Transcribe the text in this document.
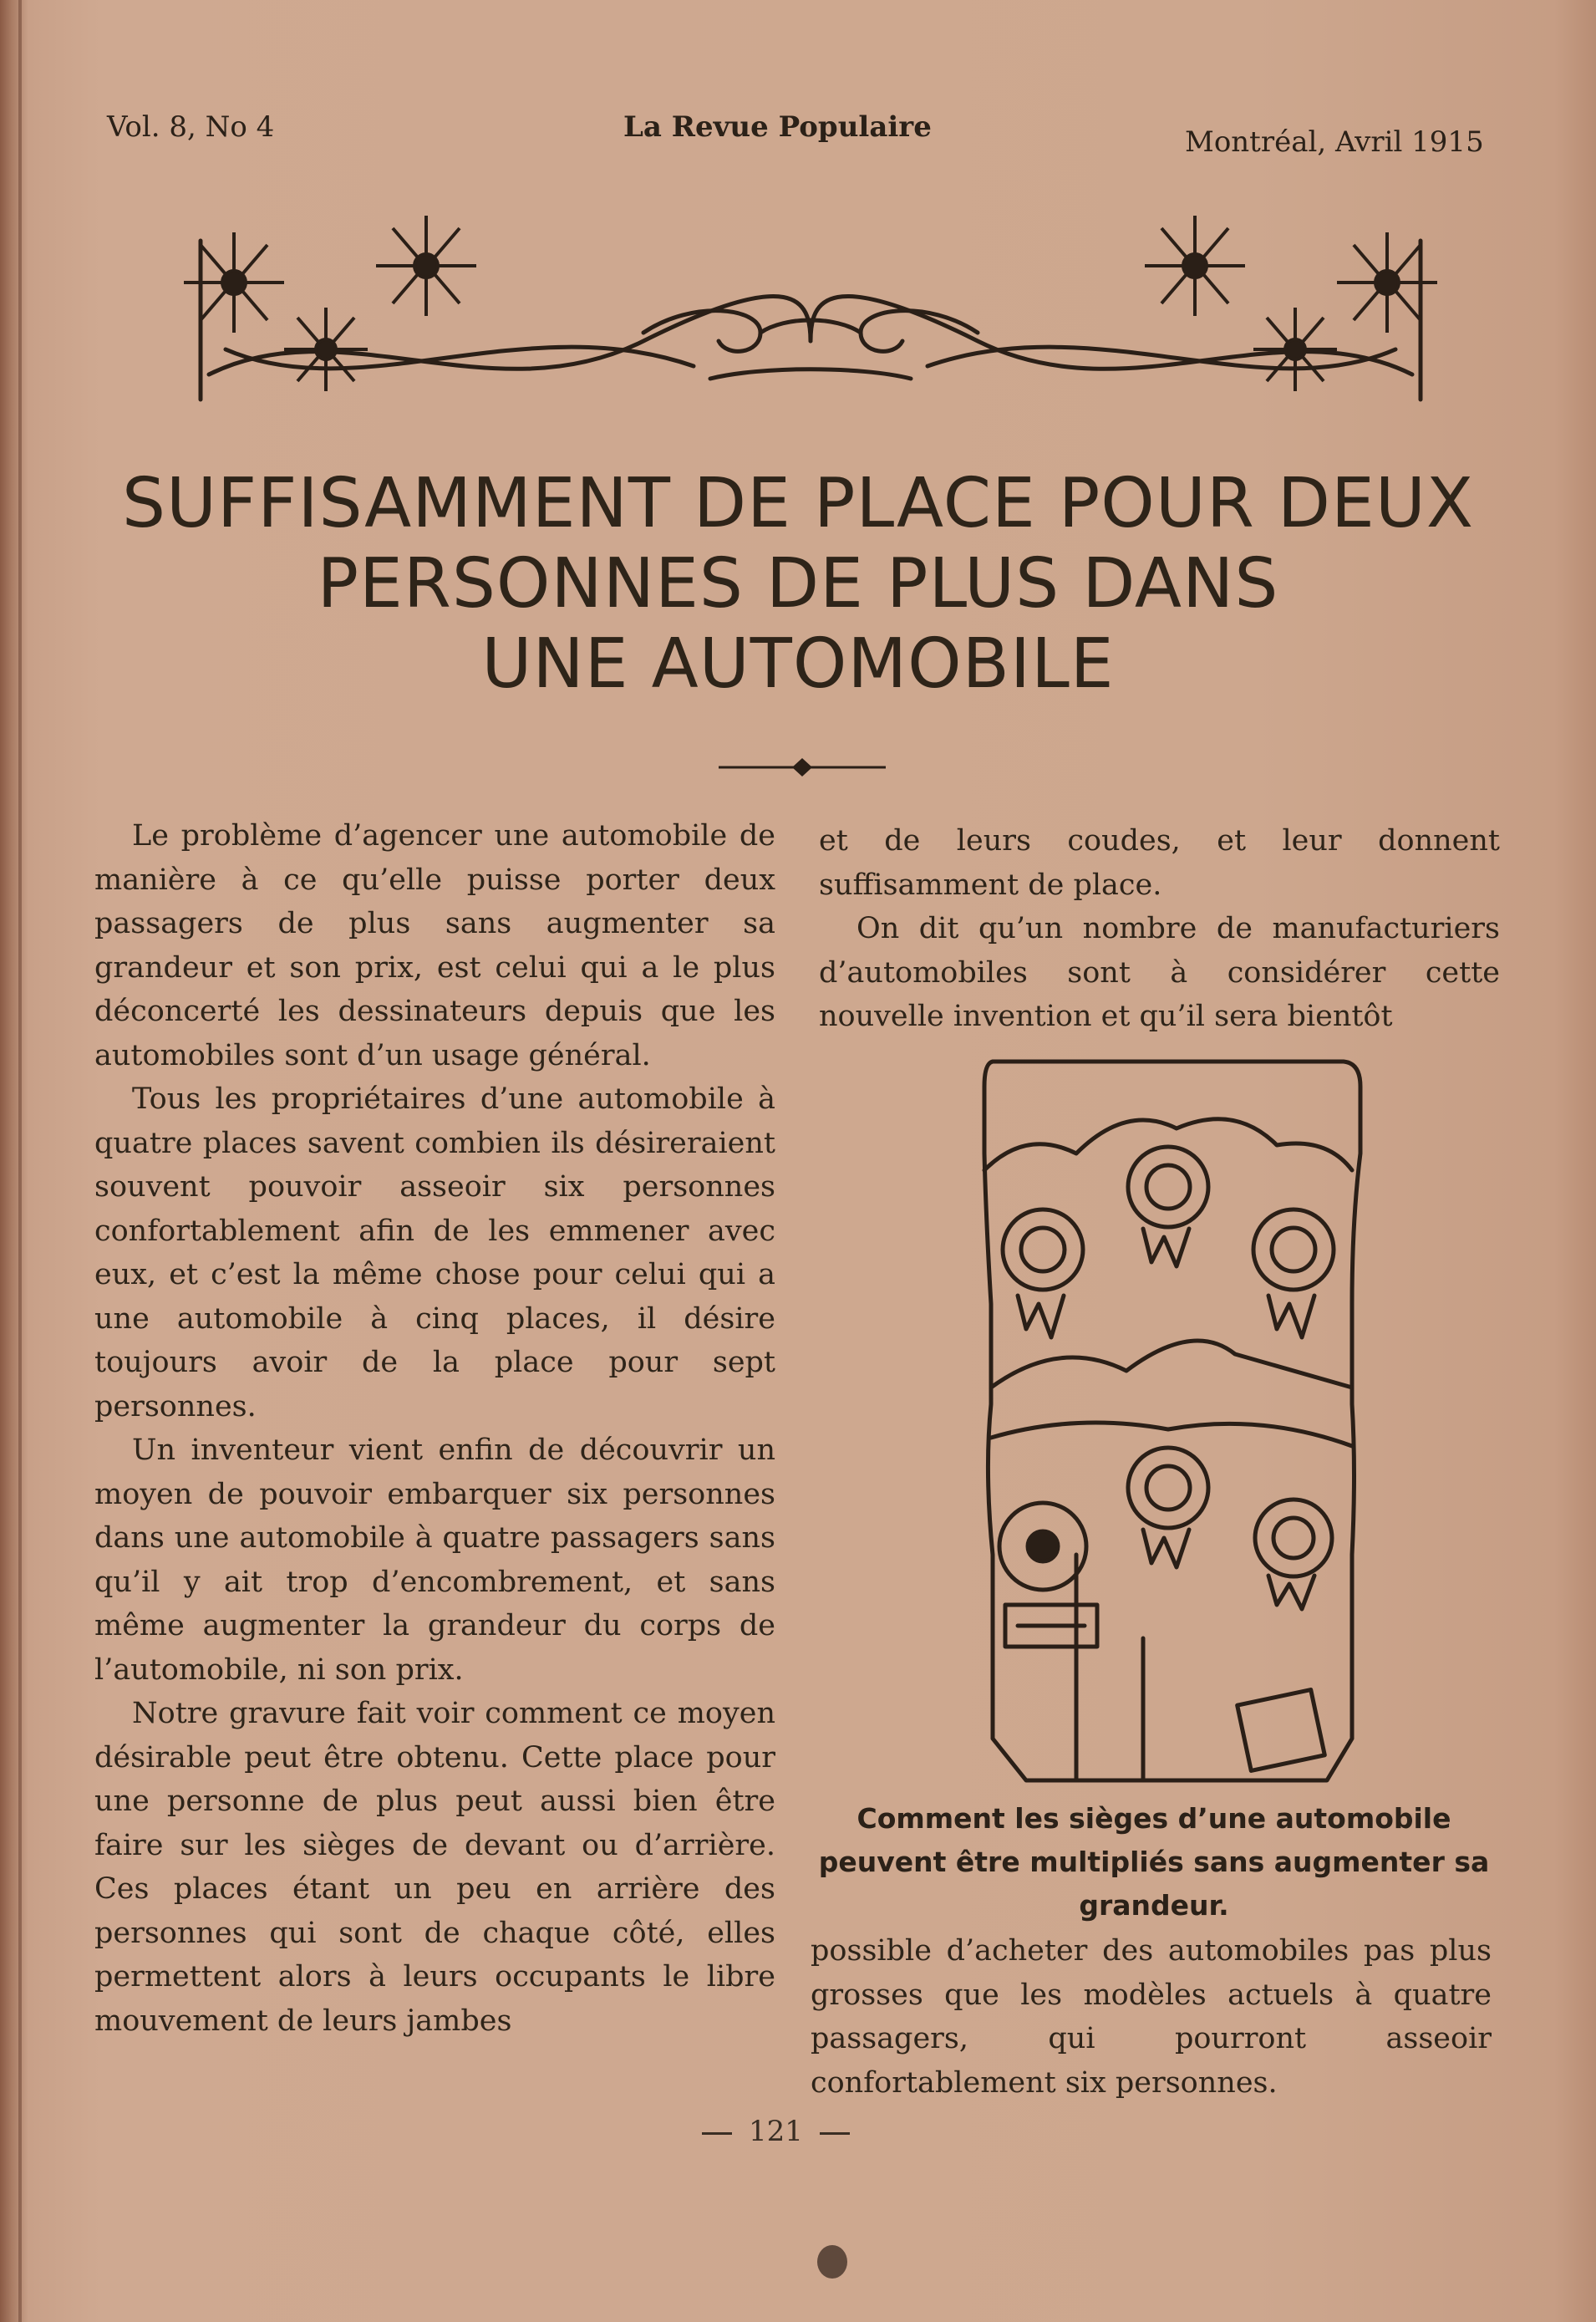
Vol. 8, No 4	La Revue Populaire	Montréal, Avril 1915
SUFFISAMMENT DE PLACE POUR DEUX
PERSONNES DE PLUS DANS
UNE AUTOMOBILE

Le problème d’agencer une automobile de manière à ce qu’elle puisse porter deux passagers de plus sans augmenter sa grandeur et son prix, est celui qui a le plus déconcerté les dessinateurs depuis que les automobiles sont d’un usage général.

Tous les propriétaires d’une automobile à quatre places savent combien ils désireraient souvent pouvoir asseoir six personnes confortablement afin de les emmener avec eux, et c’est la même chose pour celui qui a une automobile à cinq places, il désire toujours avoir de la place pour sept personnes.

Un inventeur vient enfin de découvrir un moyen de pouvoir embarquer six personnes dans une automobile à quatre passagers sans qu’il y ait trop d’encombrement, et sans même augmenter la grandeur du corps de l’automobile, ni son prix.

Notre gravure fait voir comment ce moyen désirable peut être obtenu. Cette place pour une personne de plus peut aussi bien être faire sur les sièges de devant ou d’arrière. Ces places étant un peu en arrière des personnes qui sont de chaque côté, elles permettent alors à leurs occupants le libre mouvement de leurs jambes

et de leurs coudes, et leur donnent suffisamment de place.

On dit qu’un nombre de manufacturiers d’automobiles sont à considérer cette nouvelle invention et qu’il sera bientôt

Comment les sièges d’une automobile peuvent être multipliés sans augmenter sa grandeur.

possible d’acheter des automobiles pas plus grosses que les modèles actuels à quatre passagers, qui pourront asseoir confortablement six personnes.

121
